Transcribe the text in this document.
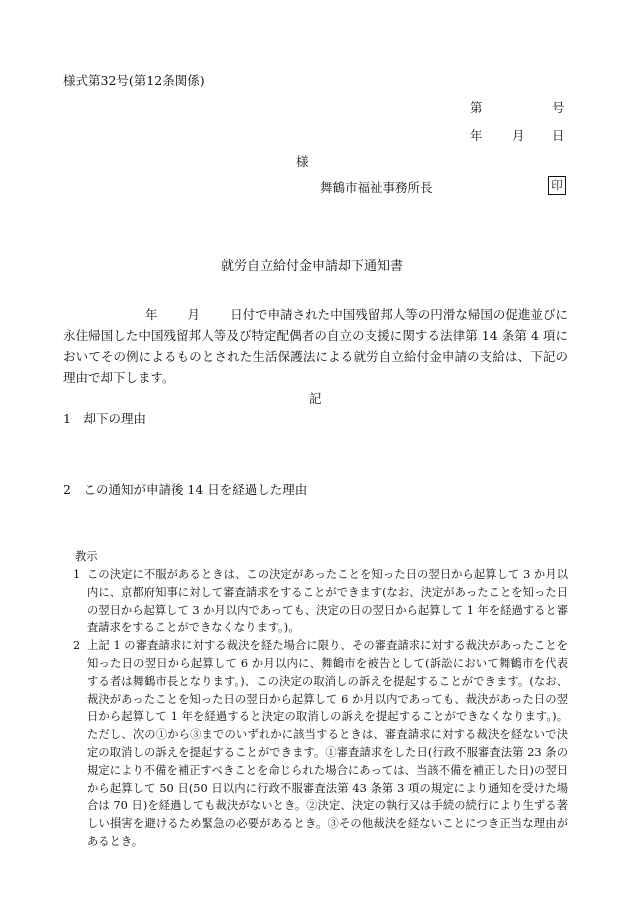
様式第32号(第12条関係)
第	号
年 月 日
様
舞鶴市福祉事務所長	印
就労自立給付金申請却下通知書
年 月 日付で申請された中国残留邦人等の円滑な帰国の促進並びに永住帰国した中国残留邦人等及び特定配偶者の自立の支援に関する法律第 14 条第 4 項においてその例によるものとされた生活保護法による就労自立給付金申請の支給は、下記の理由で却下します。
記
1　却下の理由
2　この通知が申請後 14 日を経過した理由
教示
1 この決定に不服があるときは、この決定があったことを知った日の翌日から起算して 3 か月以内に、京都府知事に対して審査請求をすることができます(なお、決定があったことを知った日の翌日から起算して 3 か月以内であっても、決定の日の翌日から起算して 1 年を経過すると審査請求をすることができなくなります。)。
2 上記 1 の審査請求に対する裁決を経た場合に限り、その審査請求に対する裁決があったことを知った日の翌日から起算して 6 か月以内に、舞鶴市を被告として(訴訟において舞鶴市を代表する者は舞鶴市長となります。)、この決定の取消しの訴えを提起することができます。(なお、裁決があったことを知った日の翌日から起算して 6 か月以内であっても、裁決があった日の翌日から起算して 1 年を経過すると決定の取消しの訴えを提起することができなくなります。)。ただし、次の①から③までのいずれかに該当するときは、審査請求に対する裁決を経ないで決定の取消しの訴えを提起することができます。①審査請求をした日(行政不服審査法第 23 条の規定により不備を補正すべきことを命じられた場合にあっては、当該不備を補正した日)の翌日から起算して 50 日(50 日以内に行政不服審査法第 43 条第 3 項の規定により通知を受けた場合は 70 日)を経過しても裁決がないとき。②決定、決定の執行又は手続の続行により生ずる著しい損害を避けるため緊急の必要があるとき。③その他裁決を経ないことにつき正当な理由があるとき。
